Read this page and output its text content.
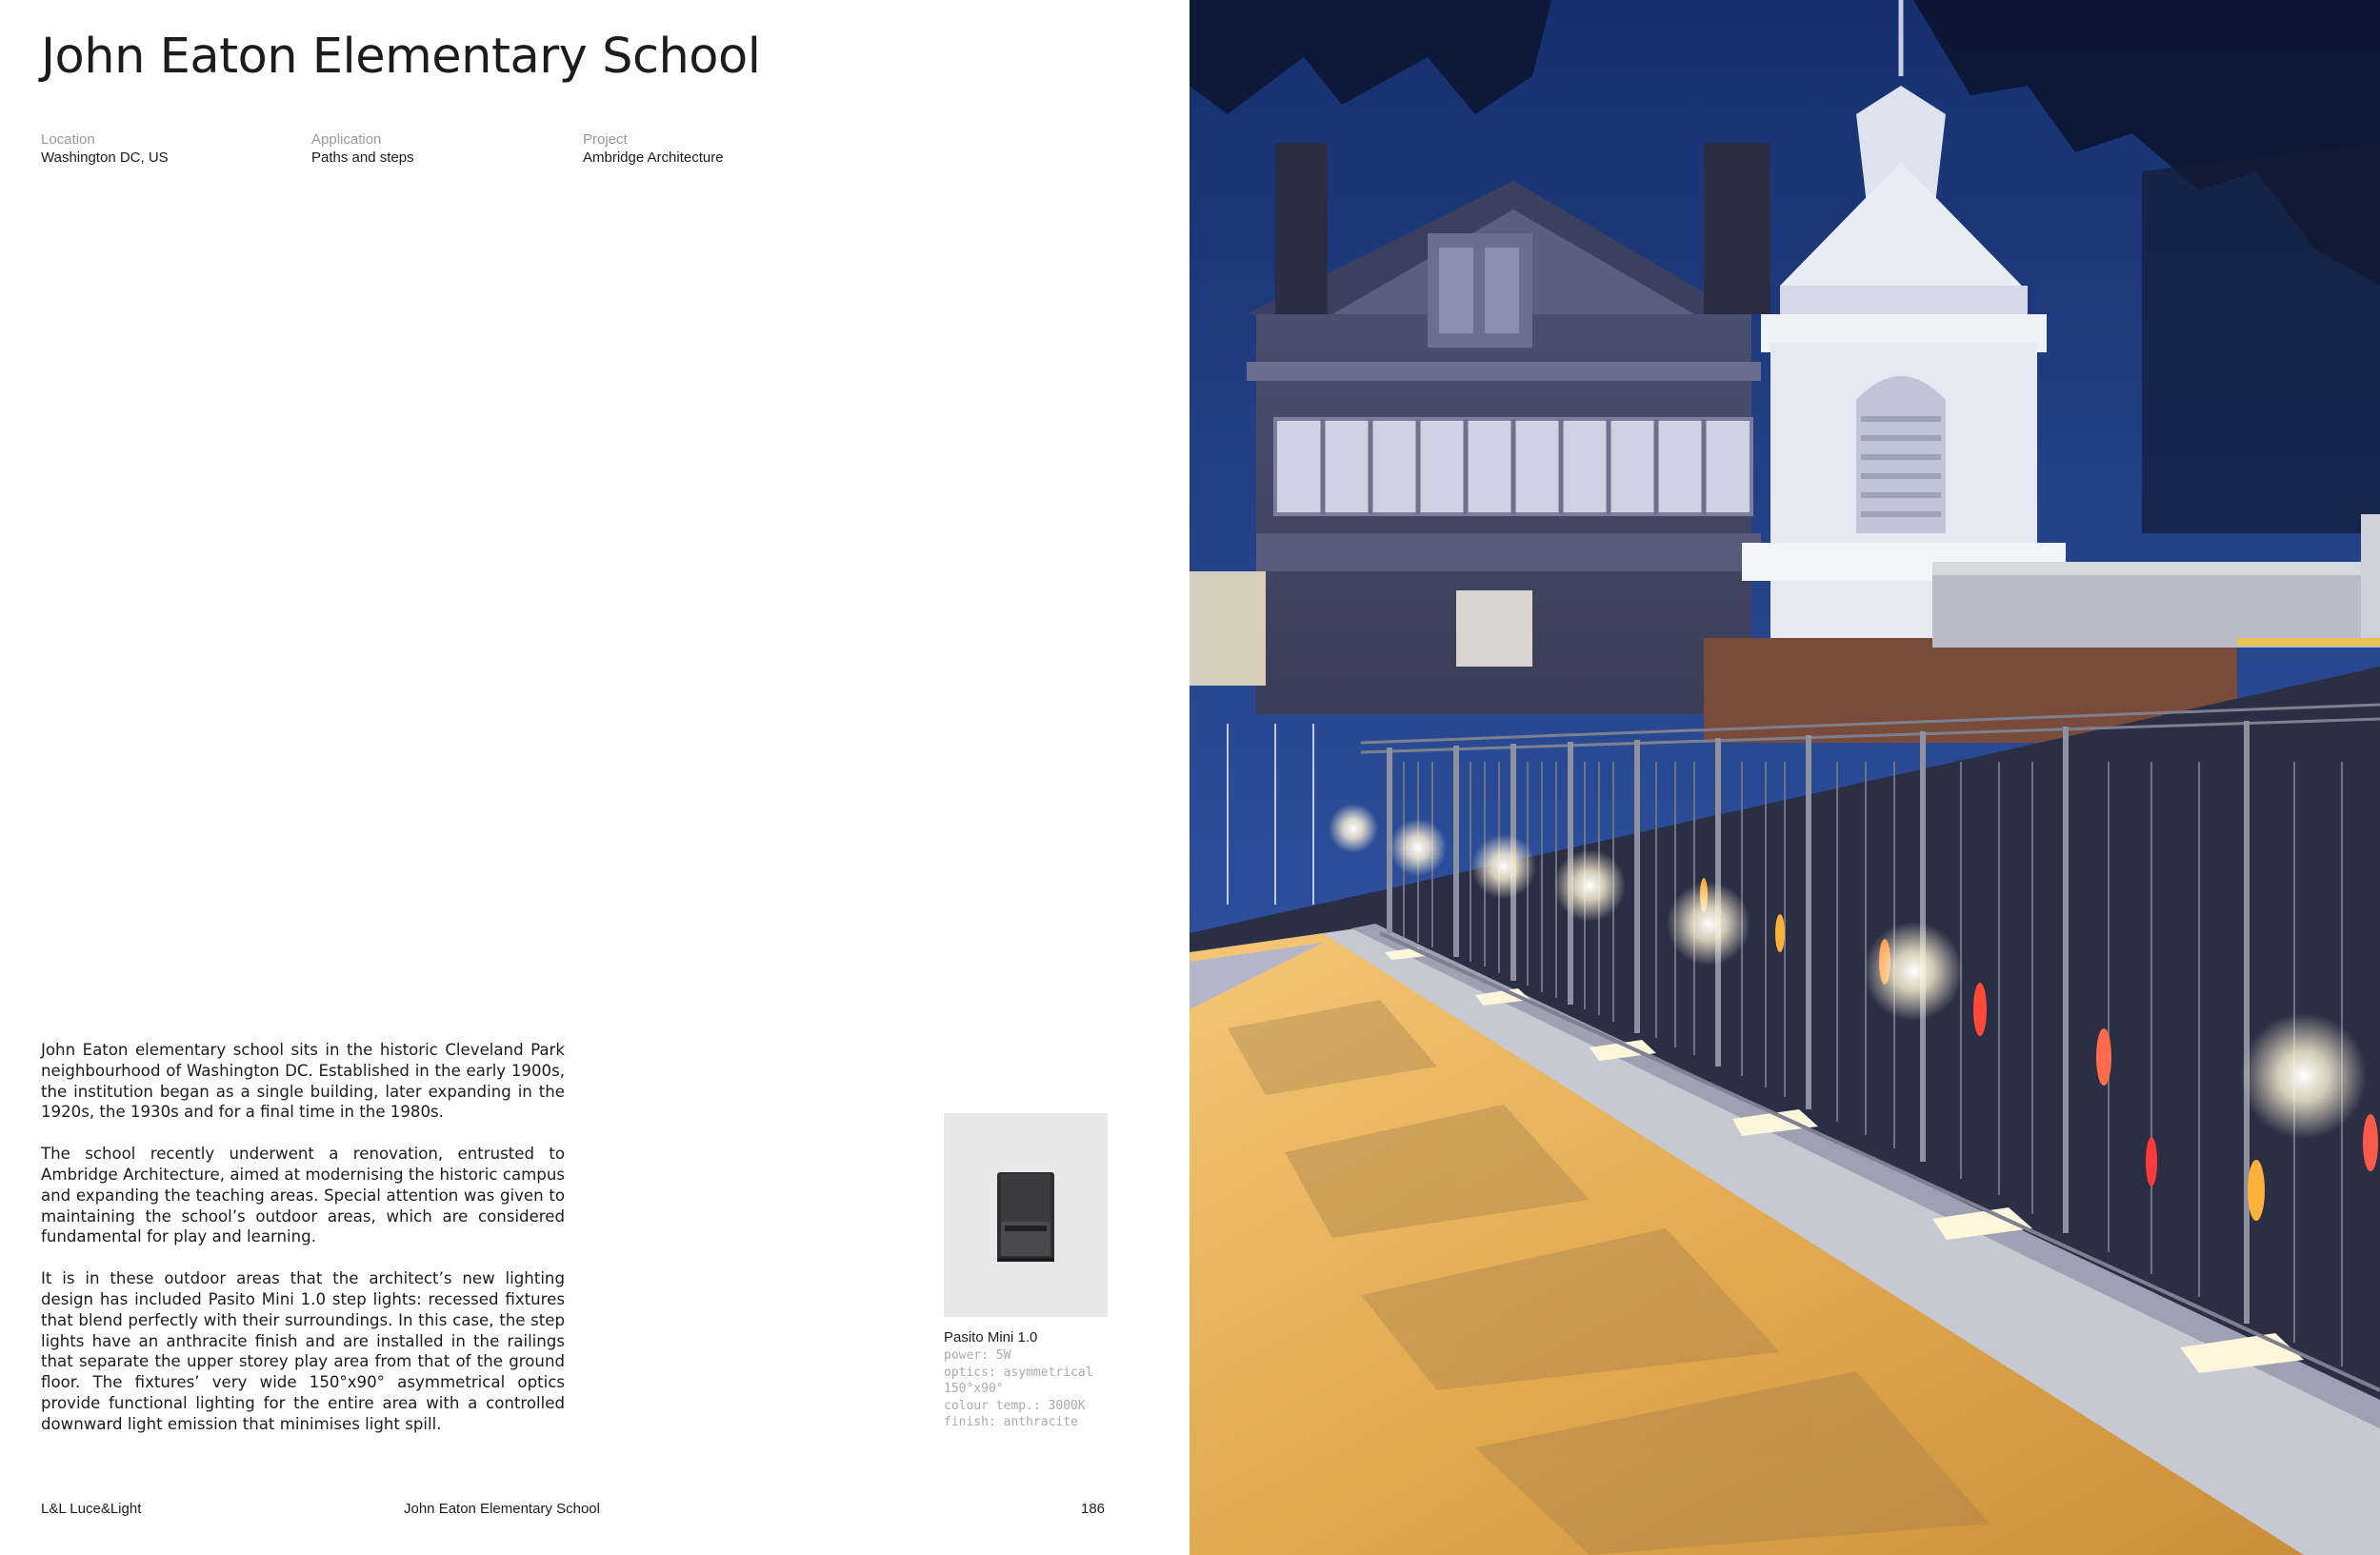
John Eaton Elementary School
Location
Washington DC, US
Application
Paths and steps
Project
Ambridge Architecture

John Eaton elementary school sits in the historic Cleveland Park neighbourhood of Washington DC. Established in the early 1900s, the institution began as a single building, later expanding in the 1920s, the 1930s and for a final time in the 1980s.

The school recently underwent a renovation, entrusted to Ambridge Architecture, aimed at modernising the historic campus and expanding the teaching areas. Special attention was given to maintaining the school’s outdoor areas, which are considered fundamental for play and learning.

It is in these outdoor areas that the architect’s new lighting design has included Pasito Mini 1.0 step lights: recessed fixtures that blend perfectly with their surroundings. In this case, the step lights have an anthracite finish and are installed in the railings that separate the upper storey play area from that of the ground floor. The fixtures’ very wide 150°x90° asymmetrical optics provide functional lighting for the entire area with a controlled downward light emission that minimises light spill.

Pasito Mini 1.0
power: 5W
optics: asymmetrical
150°x90°
colour temp.: 3000K
finish: anthracite
L&L Luce&Light	John Eaton Elementary School	186
